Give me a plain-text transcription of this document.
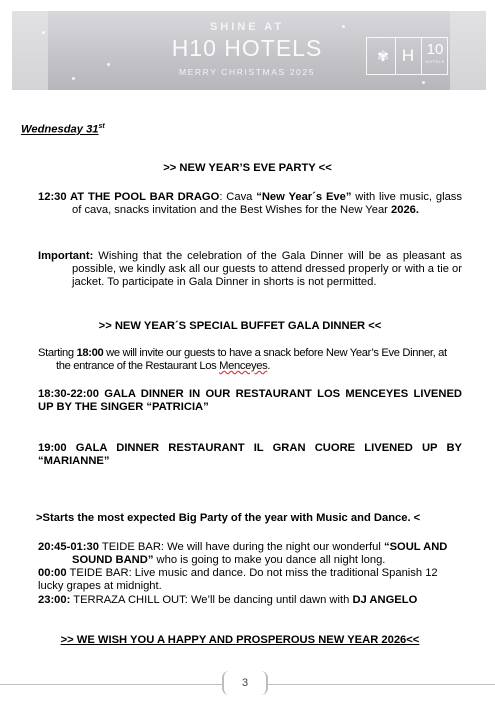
SHINE AT
H10 HOTELS
MERRY CHRISTMAS 2025
✾ H 10
HOTELS
Wednesday 31st
>> NEW YEAR’S EVE PARTY <<
12:30 AT THE POOL BAR DRAGO: Cava “New Year´s Eve” with live music, glass of cava, snacks invitation and the Best Wishes for the New Year 2026.
Important: Wishing that the celebration of the Gala Dinner will be as pleasant as possible, we kindly ask all our guests to attend dressed properly or with a tie or jacket. To participate in Gala Dinner in shorts is not permitted.
>> NEW YEAR´S SPECIAL BUFFET GALA DINNER <<
Starting 18:00 we will invite our guests to have a snack before New Year’s Eve Dinner, at the entrance of the Restaurant Los Menceyes.
18:30-22:00 GALA DINNER IN OUR RESTAURANT LOS MENCEYES LIVENED UP BY THE SINGER “PATRICIA”
19:00 GALA DINNER RESTAURANT IL GRAN CUORE LIVENED UP BY “MARIANNE”
>Starts the most expected Big Party of the year with Music and Dance. <
20:45-01:30 TEIDE BAR: We will have during the night our wonderful “SOUL AND SOUND BAND” who is going to make you dance all night long.
00:00 TEIDE BAR: Live music and dance. Do not miss the traditional Spanish 12 lucky grapes at midnight.
23:00: TERRAZA CHILL OUT: We’ll be dancing until dawn with DJ ANGELO
>> WE WISH YOU A HAPPY AND PROSPEROUS NEW YEAR 2026<<
3
